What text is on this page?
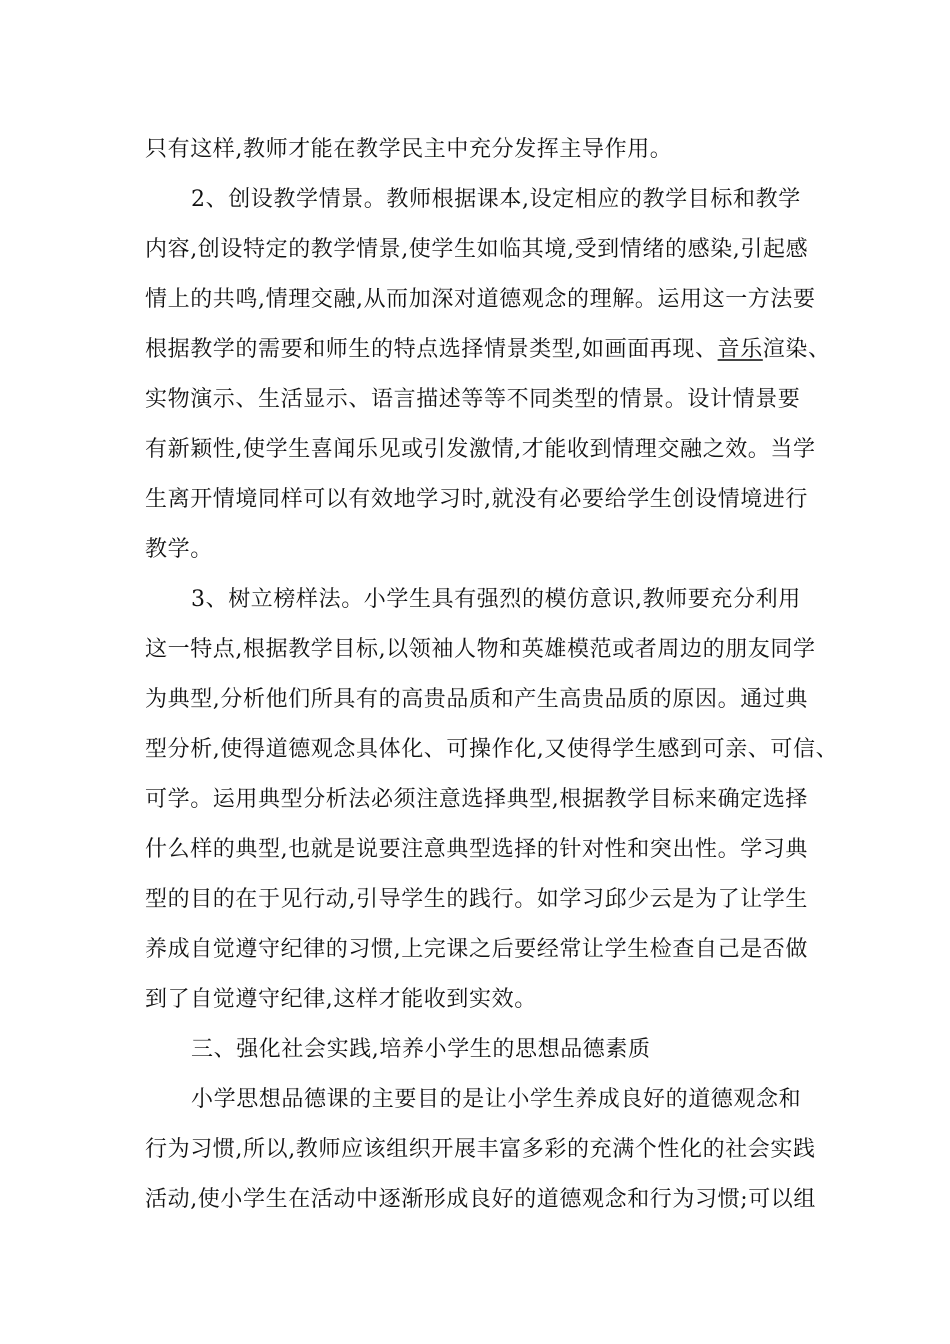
只有这样,教师才能在教学民主中充分发挥主导作用。
2、创设教学情景。教师根据课本,设定相应的教学目标和教学
内容,创设特定的教学情景,使学生如临其境,受到情绪的感染,引起感
情上的共鸣,情理交融,从而加深对道德观念的理解。运用这一方法要
根据教学的需要和师生的特点选择情景类型,如画面再现、音乐渲染、
实物演示、生活显示、语言描述等等不同类型的情景。设计情景要
有新颖性,使学生喜闻乐见或引发激情,才能收到情理交融之效。当学
生离开情境同样可以有效地学习时,就没有必要给学生创设情境进行
教学。
3、树立榜样法。小学生具有强烈的模仿意识,教师要充分利用
这一特点,根据教学目标,以领袖人物和英雄模范或者周边的朋友同学
为典型,分析他们所具有的高贵品质和产生高贵品质的原因。通过典
型分析,使得道德观念具体化、可操作化,又使得学生感到可亲、可信、
可学。运用典型分析法必须注意选择典型,根据教学目标来确定选择
什么样的典型,也就是说要注意典型选择的针对性和突出性。学习典
型的目的在于见行动,引导学生的践行。如学习邱少云是为了让学生
养成自觉遵守纪律的习惯,上完课之后要经常让学生检查自己是否做
到了自觉遵守纪律,这样才能收到实效。
三、强化社会实践,培养小学生的思想品德素质
小学思想品德课的主要目的是让小学生养成良好的道德观念和
行为习惯,所以,教师应该组织开展丰富多彩的充满个性化的社会实践
活动,使小学生在活动中逐渐形成良好的道德观念和行为习惯;可以组
